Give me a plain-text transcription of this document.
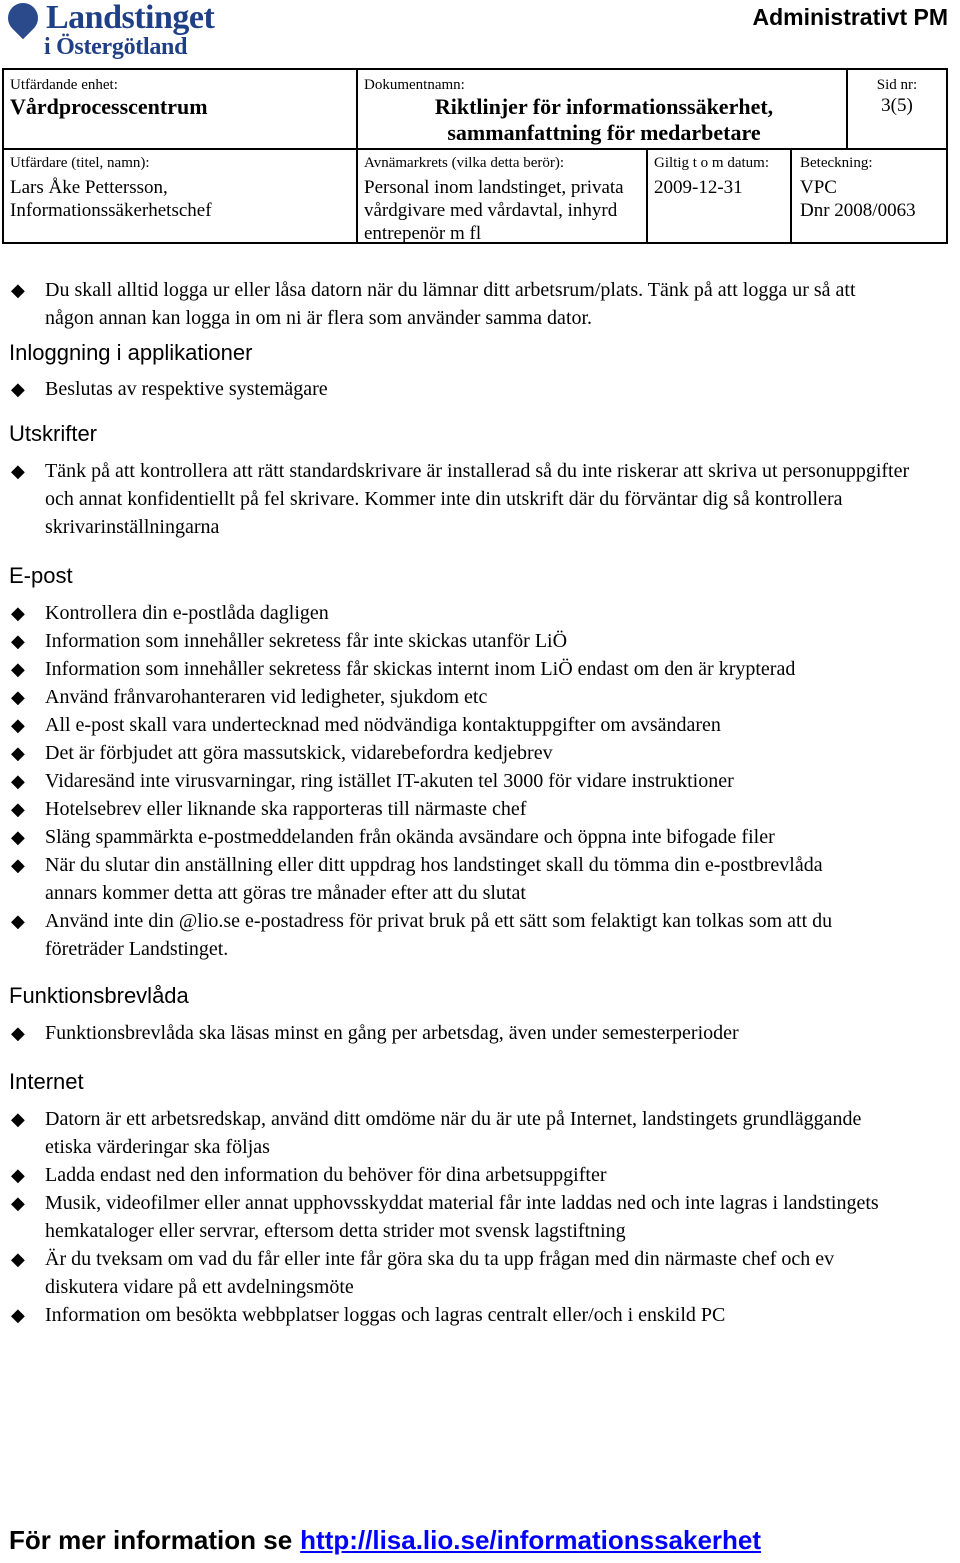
Landstinget
i Östergötland
Administrativt PM
Utfärdande enhet:
Vårdprocesscentrum
Dokumentnamn:
Riktlinjer för informationssäkerhet,
sammanfattning för medarbetare
Sid nr:
3(5)
Utfärdare (titel, namn):
Lars Åke Pettersson,
Informationssäkerhetschef
Avnämarkrets (vilka detta berör):
Personal inom landstinget, privata
vårdgivare med vårdavtal, inhyrd
entrepenör m fl
Giltig t o m datum:
2009-12-31
Beteckning:
VPC
Dnr 2008/0063
◆ Du skall alltid logga ur eller låsa datorn när du lämnar ditt arbetsrum/plats. Tänk på att logga ur så att någon annan kan logga in om ni är flera som använder samma dator.
Inloggning i applikationer
◆ Beslutas av respektive systemägare
Utskrifter
◆ Tänk på att kontrollera att rätt standardskrivare är installerad så du inte riskerar att skriva ut personuppgifter och annat konfidentiellt på fel skrivare. Kommer inte din utskrift där du förväntar dig så kontrollera skrivarinställningarna
E-post
◆ Kontrollera din e-postlåda dagligen
◆ Information som innehåller sekretess får inte skickas utanför LiÖ
◆ Information som innehåller sekretess får skickas internt inom LiÖ endast om den är krypterad
◆ Använd frånvarohanteraren vid ledigheter, sjukdom etc
◆ All e-post skall vara undertecknad med nödvändiga kontaktuppgifter om avsändaren
◆ Det är förbjudet att göra massutskick, vidarebefordra kedjebrev
◆ Vidaresänd inte virusvarningar, ring istället IT-akuten tel 3000 för vidare instruktioner
◆ Hotelsebrev eller liknande ska rapporteras till närmaste chef
◆ Släng spammärkta e-postmeddelanden från okända avsändare och öppna inte bifogade filer
◆ När du slutar din anställning eller ditt uppdrag hos landstinget skall du tömma din e-postbrevlåda annars kommer detta att göras tre månader efter att du slutat
◆ Använd inte din @lio.se e-postadress för privat bruk på ett sätt som felaktigt kan tolkas som att du företräder Landstinget.
Funktionsbrevlåda
◆ Funktionsbrevlåda ska läsas minst en gång per arbetsdag, även under semesterperioder
Internet
◆ Datorn är ett arbetsredskap, använd ditt omdöme när du är ute på Internet, landstingets grundläggande etiska värderingar ska följas
◆ Ladda endast ned den information du behöver för dina arbetsuppgifter
◆ Musik, videofilmer eller annat upphovsskyddat material får inte laddas ned och inte lagras i landstingets hemkataloger eller servrar, eftersom detta strider mot svensk lagstiftning
◆ Är du tveksam om vad du får eller inte får göra ska du ta upp frågan med din närmaste chef och ev diskutera vidare på ett avdelningsmöte
◆ Information om besökta webbplatser loggas och lagras centralt eller/och i enskild PC
För mer information se http://lisa.lio.se/informationssakerhet
